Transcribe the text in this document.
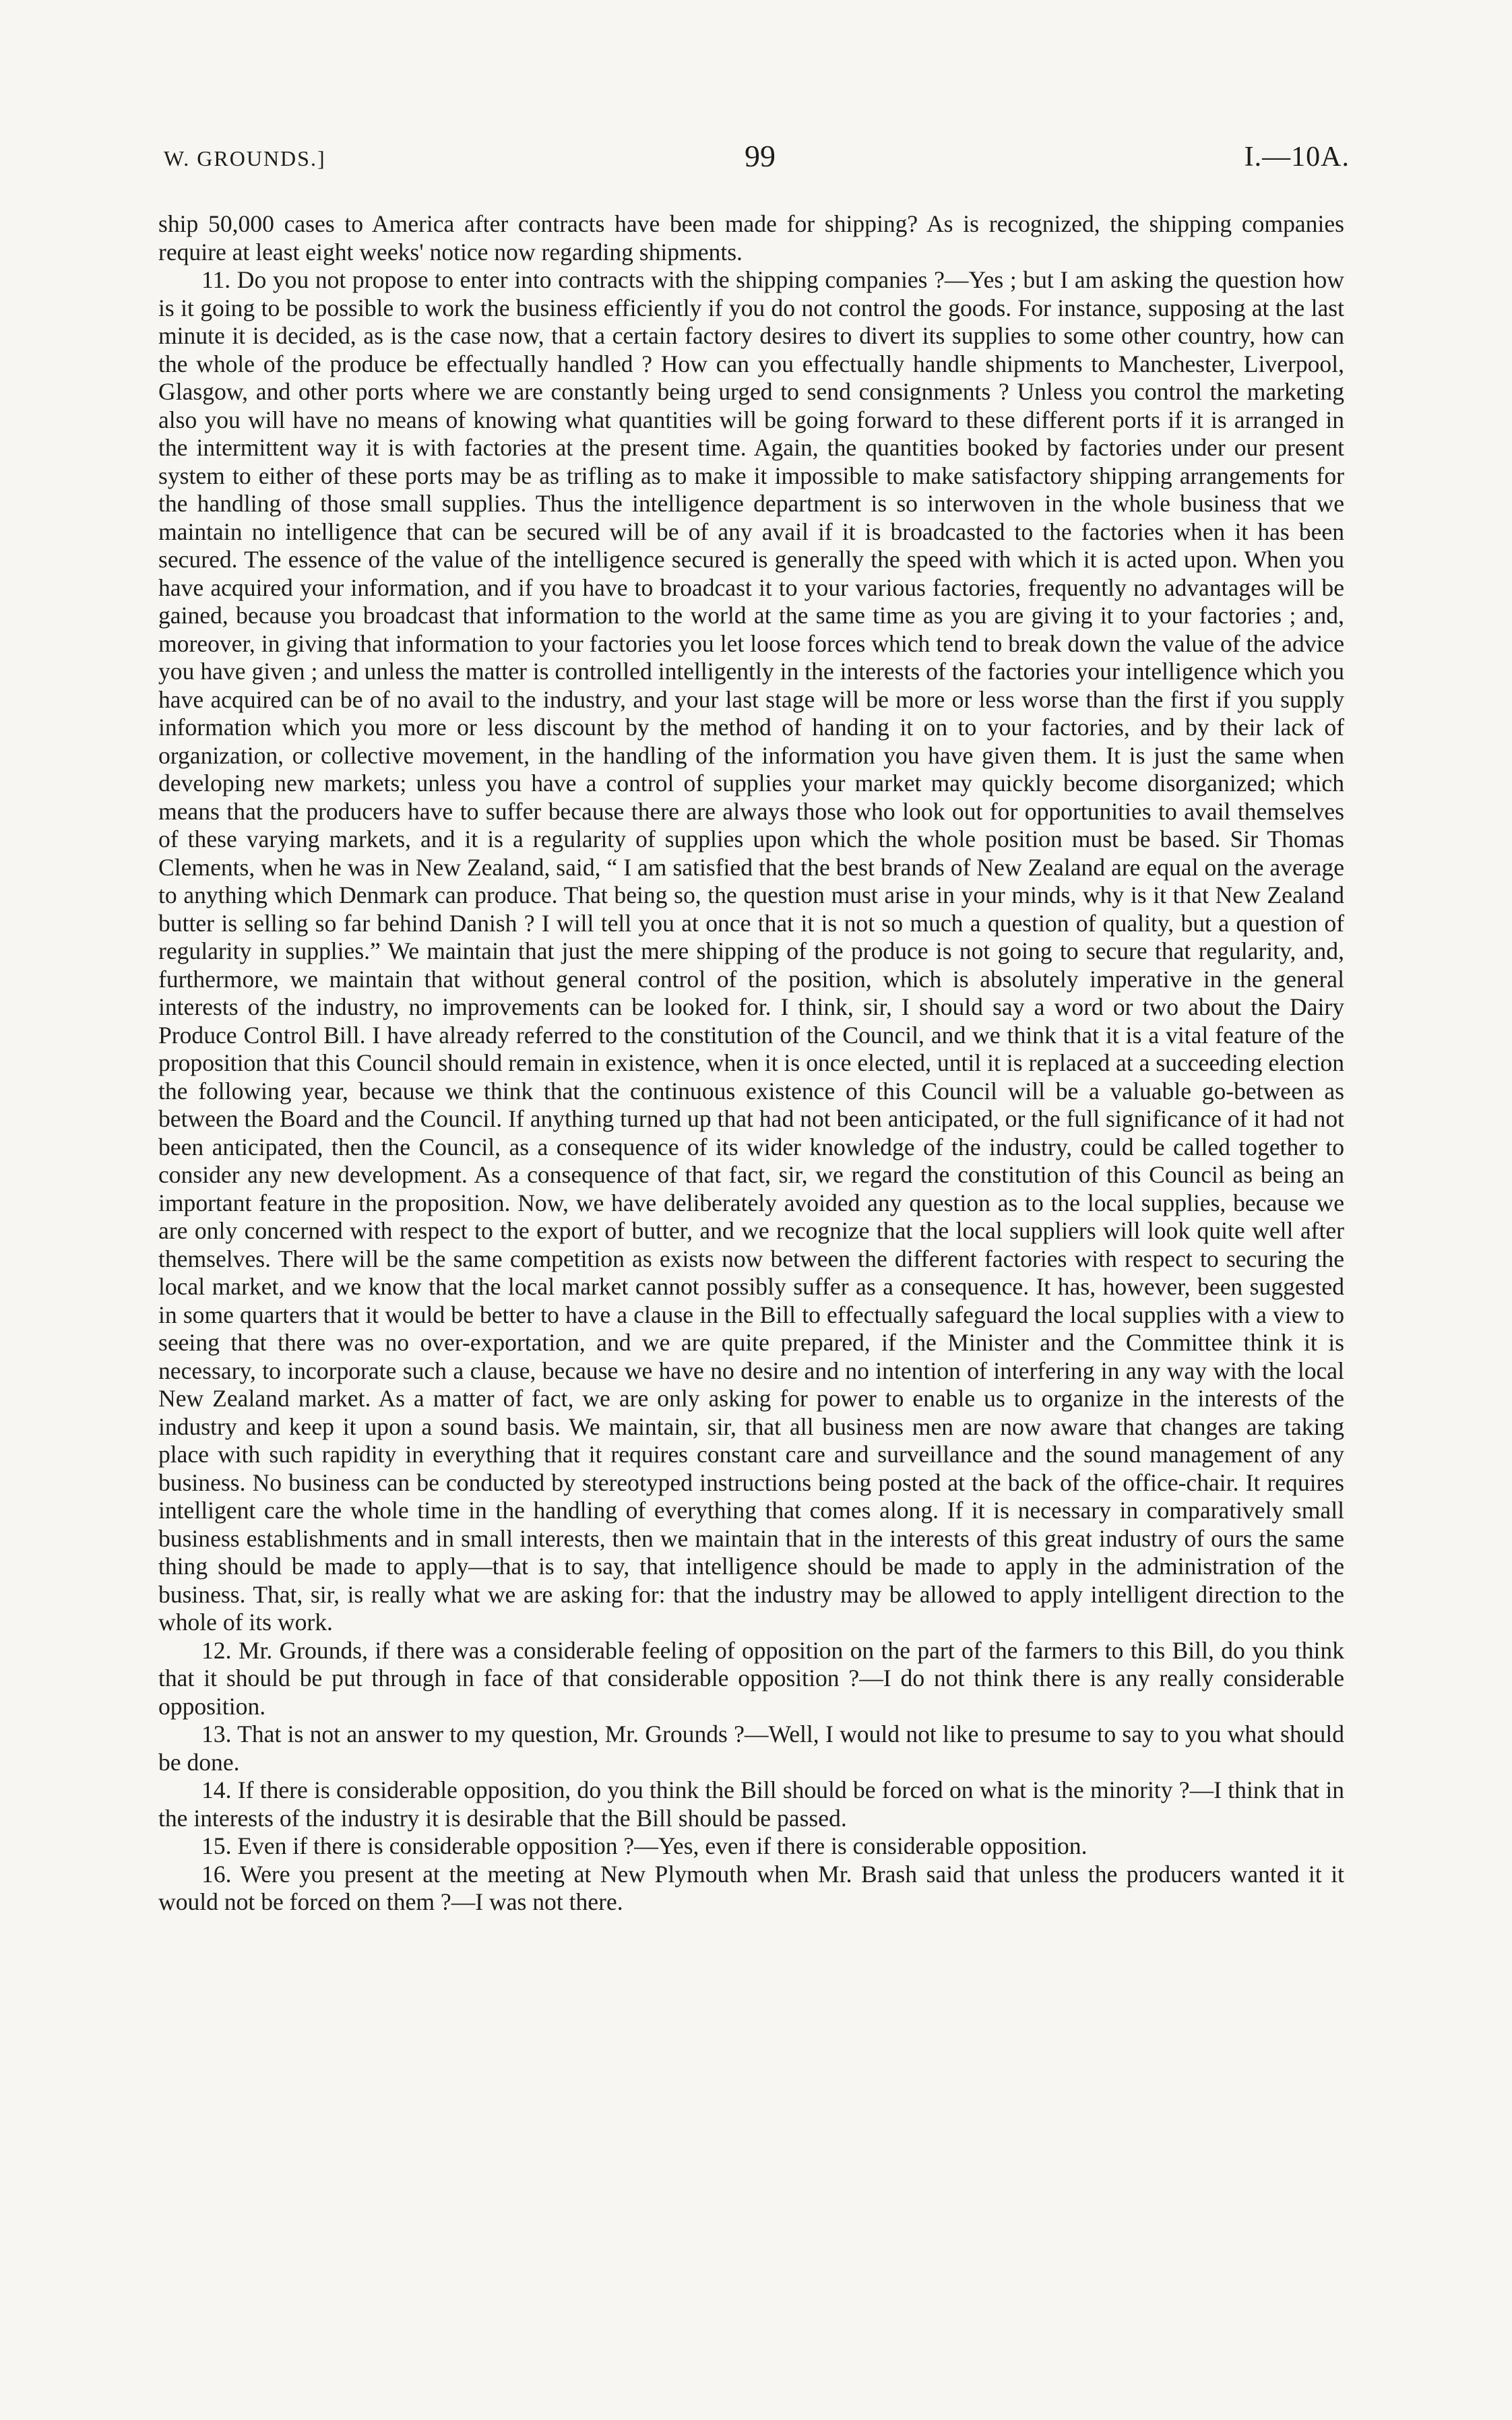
W. GROUNDS.]	99	I.—10A.

ship 50,000 cases to America after contracts have been made for shipping? As is recognized, the shipping companies require at least eight weeks' notice now regarding shipments.

11. Do you not propose to enter into contracts with the shipping companies ?—Yes ; but I am asking the question how is it going to be possible to work the business efficiently if you do not control the goods. For instance, supposing at the last minute it is decided, as is the case now, that a certain factory desires to divert its supplies to some other country, how can the whole of the produce be effectually handled ? How can you effectually handle shipments to Manchester, Liverpool, Glasgow, and other ports where we are constantly being urged to send consignments ? Unless you control the marketing also you will have no means of knowing what quantities will be going forward to these different ports if it is arranged in the intermittent way it is with factories at the present time. Again, the quantities booked by factories under our present system to either of these ports may be as trifling as to make it impossible to make satisfactory shipping arrangements for the handling of those small supplies. Thus the intelligence department is so interwoven in the whole business that we maintain no intelligence that can be secured will be of any avail if it is broadcasted to the factories when it has been secured. The essence of the value of the intelligence secured is generally the speed with which it is acted upon. When you have acquired your information, and if you have to broadcast it to your various factories, frequently no advantages will be gained, because you broadcast that information to the world at the same time as you are giving it to your factories ; and, moreover, in giving that information to your factories you let loose forces which tend to break down the value of the advice you have given ; and unless the matter is controlled intelligently in the interests of the factories your intelligence which you have acquired can be of no avail to the industry, and your last stage will be more or less worse than the first if you supply information which you more or less discount by the method of handing it on to your factories, and by their lack of organization, or collective movement, in the handling of the information you have given them. It is just the same when developing new markets; unless you have a control of supplies your market may quickly become disorganized; which means that the producers have to suffer because there are always those who look out for opportunities to avail themselves of these varying markets, and it is a regularity of supplies upon which the whole position must be based. Sir Thomas Clements, when he was in New Zealand, said, “ I am satisfied that the best brands of New Zealand are equal on the average to anything which Denmark can produce. That being so, the question must arise in your minds, why is it that New Zealand butter is selling so far behind Danish ? I will tell you at once that it is not so much a question of quality, but a question of regularity in supplies.” We maintain that just the mere shipping of the produce is not going to secure that regularity, and, furthermore, we maintain that without general control of the position, which is absolutely imperative in the general interests of the industry, no improvements can be looked for. I think, sir, I should say a word or two about the Dairy Produce Control Bill. I have already referred to the constitution of the Council, and we think that it is a vital feature of the proposition that this Council should remain in existence, when it is once elected, until it is replaced at a succeeding election the following year, because we think that the continuous existence of this Council will be a valuable go-between as between the Board and the Council. If anything turned up that had not been anticipated, or the full significance of it had not been anticipated, then the Council, as a consequence of its wider knowledge of the industry, could be called together to consider any new development. As a consequence of that fact, sir, we regard the constitution of this Council as being an important feature in the proposition. Now, we have deliberately avoided any question as to the local supplies, because we are only concerned with respect to the export of butter, and we recognize that the local suppliers will look quite well after themselves. There will be the same competition as exists now between the different factories with respect to securing the local market, and we know that the local market cannot possibly suffer as a consequence. It has, however, been suggested in some quarters that it would be better to have a clause in the Bill to effectually safeguard the local supplies with a view to seeing that there was no over-exportation, and we are quite prepared, if the Minister and the Committee think it is necessary, to incorporate such a clause, because we have no desire and no intention of interfering in any way with the local New Zealand market. As a matter of fact, we are only asking for power to enable us to organize in the interests of the industry and keep it upon a sound basis. We maintain, sir, that all business men are now aware that changes are taking place with such rapidity in everything that it requires constant care and surveillance and the sound management of any business. No business can be conducted by stereotyped instructions being posted at the back of the office-chair. It requires intelligent care the whole time in the handling of everything that comes along. If it is necessary in comparatively small business establishments and in small interests, then we maintain that in the interests of this great industry of ours the same thing should be made to apply—that is to say, that intelligence should be made to apply in the administration of the business. That, sir, is really what we are asking for: that the industry may be allowed to apply intelligent direction to the whole of its work.

12. Mr. Grounds, if there was a considerable feeling of opposition on the part of the farmers to this Bill, do you think that it should be put through in face of that considerable opposition ?—I do not think there is any really considerable opposition.

13. That is not an answer to my question, Mr. Grounds ?—Well, I would not like to presume to say to you what should be done.

14. If there is considerable opposition, do you think the Bill should be forced on what is the minority ?—I think that in the interests of the industry it is desirable that the Bill should be passed.

15. Even if there is considerable opposition ?—Yes, even if there is considerable opposition.

16. Were you present at the meeting at New Plymouth when Mr. Brash said that unless the producers wanted it it would not be forced on them ?—I was not there.
